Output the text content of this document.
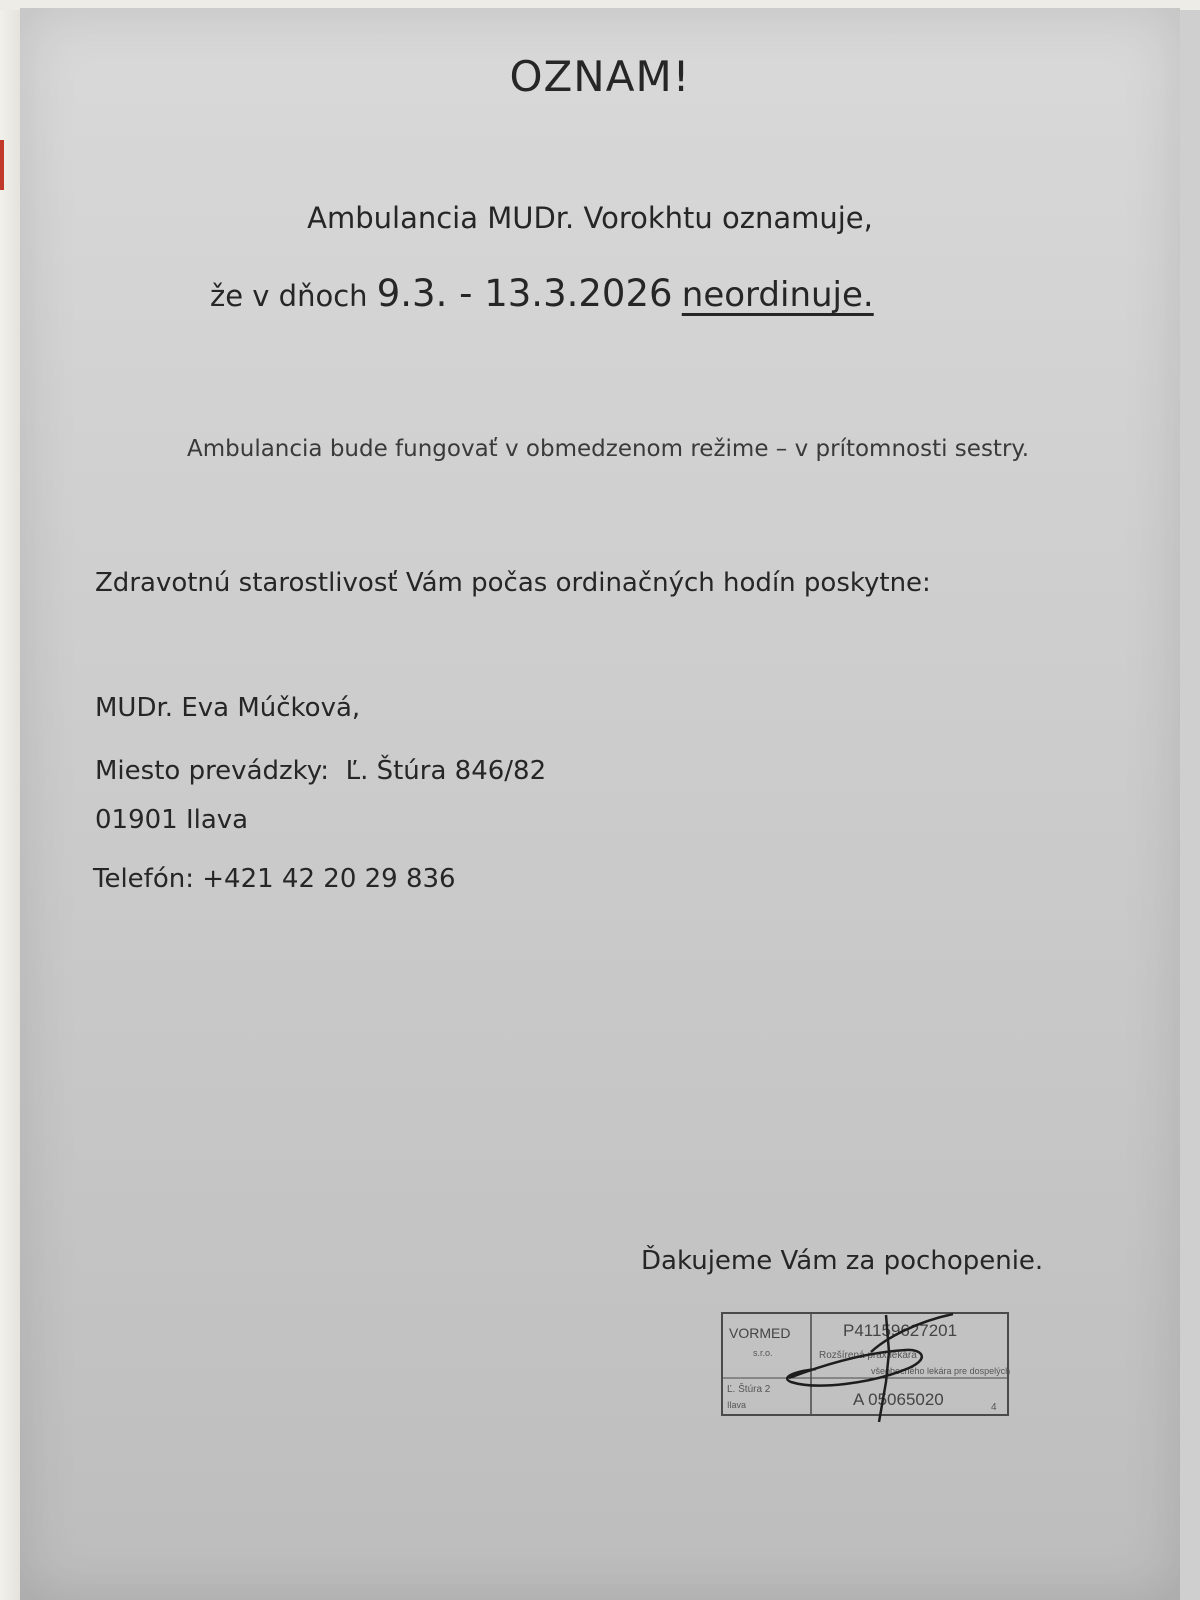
OZNAM!
Ambulancia MUDr. Vorokhtu oznamuje,
že v dňoch 9.3. - 13.3.2026 neordinuje.
Ambulancia bude fungovať v obmedzenom režime – v prítomnosti sestry.
Zdravotnú starostlivosť Vám počas ordinačných hodín poskytne:
MUDr. Eva Múčková,
Miesto prevádzky: Ľ. Štúra 846/82
01901 Ilava
Telefón: +421 42 20 29 836
Ďakujeme Vám za pochopenie.
VORMED
s.r.o.
P41159627201
Rozšírená prax lekára
všeobecného lekára pre dospelých
Ľ. Štúra 2
Ilava	A 05065020	4
